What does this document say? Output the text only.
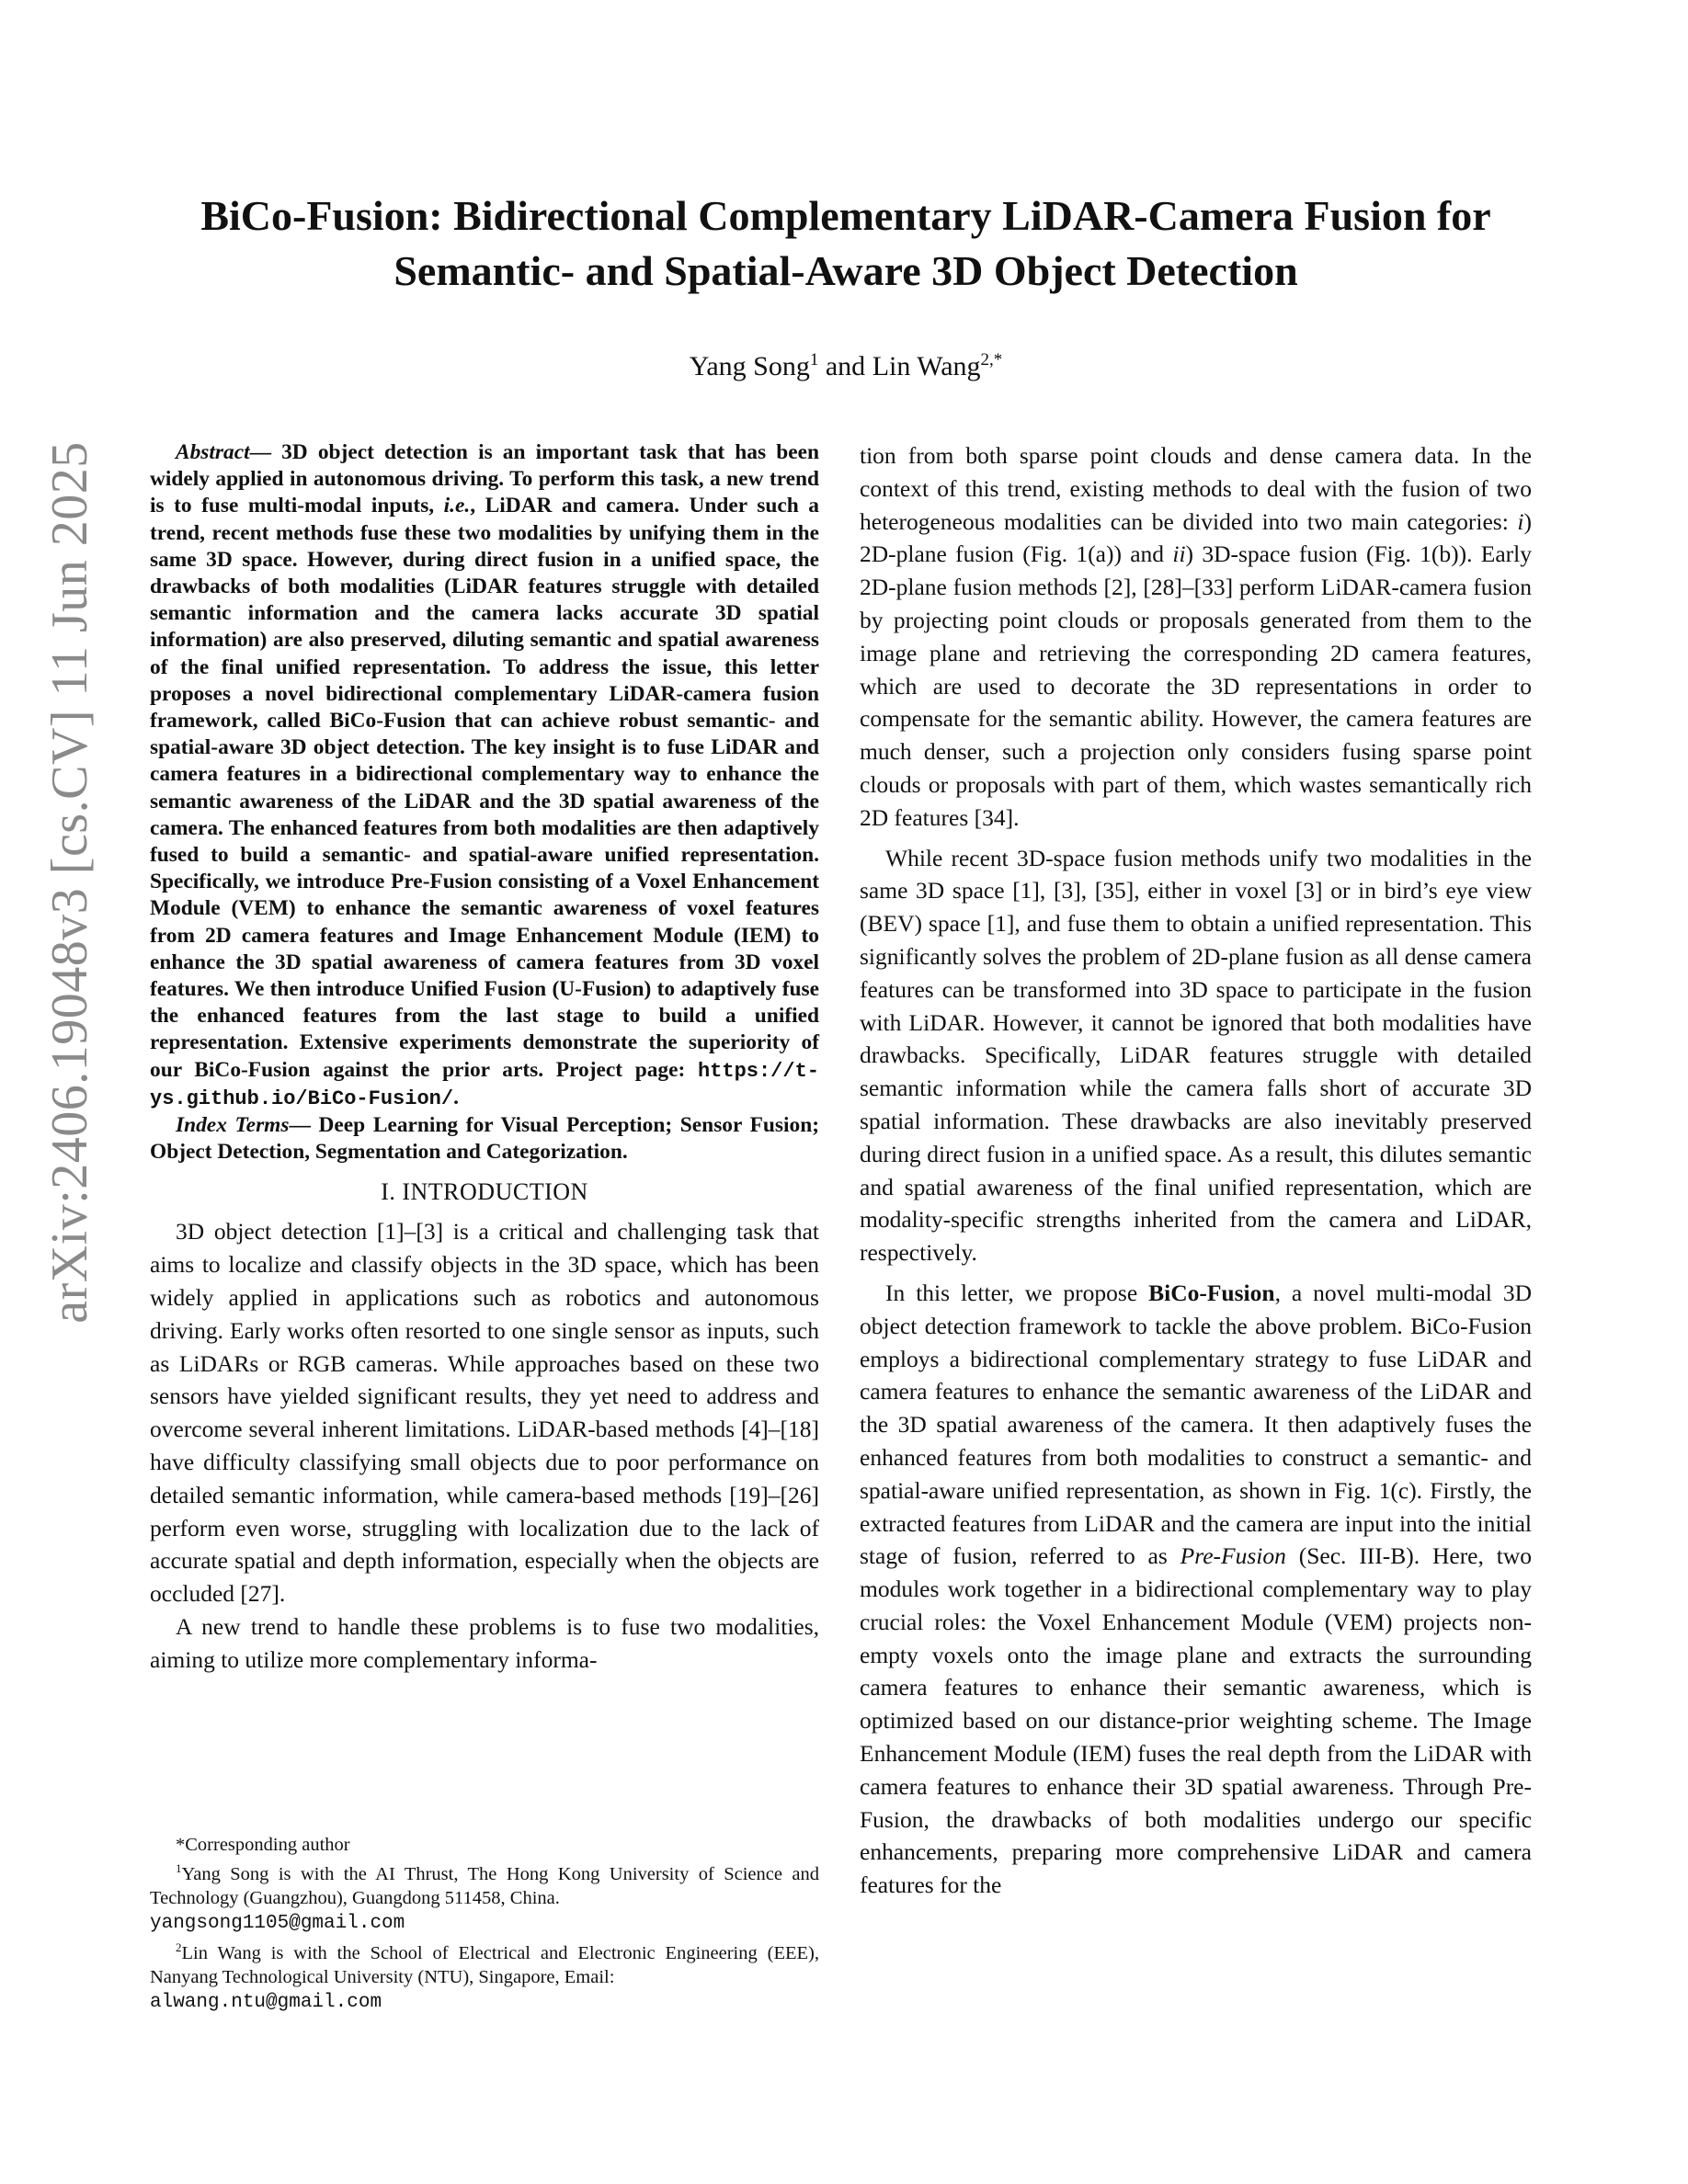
arXiv:2406.19048v3 [cs.CV] 11 Jun 2025
BiCo-Fusion: Bidirectional Complementary LiDAR-Camera Fusion for
Semantic- and Spatial-Aware 3D Object Detection
Yang Song$^1$ and Lin Wang$^{2,*}$

Abstract— 3D object detection is an important task that has been widely applied in autonomous driving. To perform this task, a new trend is to fuse multi-modal inputs, i.e., LiDAR and camera. Under such a trend, recent methods fuse these two modalities by unifying them in the same 3D space. However, during direct fusion in a unified space, the drawbacks of both modalities (LiDAR features struggle with detailed semantic information and the camera lacks accurate 3D spatial information) are also preserved, diluting semantic and spatial awareness of the final unified representation. To address the issue, this letter proposes a novel bidirectional complementary LiDAR-camera fusion framework, called BiCo-Fusion that can achieve robust semantic- and spatial-aware 3D object detection. The key insight is to fuse LiDAR and camera features in a bidirectional complementary way to enhance the semantic awareness of the LiDAR and the 3D spatial awareness of the camera. The enhanced features from both modalities are then adaptively fused to build a semantic- and spatial-aware unified representation. Specifically, we introduce Pre-Fusion consisting of a Voxel Enhancement Module (VEM) to enhance the semantic awareness of voxel features from 2D camera features and Image Enhancement Module (IEM) to enhance the 3D spatial awareness of camera features from 3D voxel features. We then introduce Unified Fusion (U-Fusion) to adaptively fuse the enhanced features from the last stage to build a unified representation. Extensive experiments demonstrate the superiority of our BiCo-Fusion against the prior arts. Project page: https://t-ys.github.io/BiCo-Fusion/.

Index Terms— Deep Learning for Visual Perception; Sensor Fusion; Object Detection, Segmentation and Categorization.

I. INTRODUCTION

3D object detection [1]–[3] is a critical and challenging task that aims to localize and classify objects in the 3D space, which has been widely applied in applications such as robotics and autonomous driving. Early works often resorted to one single sensor as inputs, such as LiDARs or RGB cameras. While approaches based on these two sensors have yielded significant results, they yet need to address and overcome several inherent limitations. LiDAR-based methods [4]–[18] have difficulty classifying small objects due to poor performance on detailed semantic information, while camera-based methods [19]–[26] perform even worse, struggling with localization due to the lack of accurate spatial and depth information, especially when the objects are occluded [27].

A new trend to handle these problems is to fuse two modalities, aiming to utilize more complementary informa-

*Corresponding author

$^1$Yang Song is with the AI Thrust, The Hong Kong University of Science and Technology (Guangzhou), Guangdong 511458, China.
yangsong1105@gmail.com

$^2$Lin Wang is with the School of Electrical and Electronic Engineering (EEE), Nanyang Technological University (NTU), Singapore, Email:
alwang.ntu@gmail.com

tion from both sparse point clouds and dense camera data. In the context of this trend, existing methods to deal with the fusion of two heterogeneous modalities can be divided into two main categories: i) 2D-plane fusion (Fig. 1(a)) and ii) 3D-space fusion (Fig. 1(b)). Early 2D-plane fusion methods [2], [28]–[33] perform LiDAR-camera fusion by projecting point clouds or proposals generated from them to the image plane and retrieving the corresponding 2D camera features, which are used to decorate the 3D representations in order to compensate for the semantic ability. However, the camera features are much denser, such a projection only considers fusing sparse point clouds or proposals with part of them, which wastes semantically rich 2D features [34].

While recent 3D-space fusion methods unify two modalities in the same 3D space [1], [3], [35], either in voxel [3] or in bird’s eye view (BEV) space [1], and fuse them to obtain a unified representation. This significantly solves the problem of 2D-plane fusion as all dense camera features can be transformed into 3D space to participate in the fusion with LiDAR. However, it cannot be ignored that both modalities have drawbacks. Specifically, LiDAR features struggle with detailed semantic information while the camera falls short of accurate 3D spatial information. These drawbacks are also inevitably preserved during direct fusion in a unified space. As a result, this dilutes semantic and spatial awareness of the final unified representation, which are modality-specific strengths inherited from the camera and LiDAR, respectively.

In this letter, we propose BiCo-Fusion, a novel multi-modal 3D object detection framework to tackle the above problem. BiCo-Fusion employs a bidirectional complementary strategy to fuse LiDAR and camera features to enhance the semantic awareness of the LiDAR and the 3D spatial awareness of the camera. It then adaptively fuses the enhanced features from both modalities to construct a semantic- and spatial-aware unified representation, as shown in Fig. 1(c). Firstly, the extracted features from LiDAR and the camera are input into the initial stage of fusion, referred to as Pre-Fusion (Sec. III-B). Here, two modules work together in a bidirectional complementary way to play crucial roles: the Voxel Enhancement Module (VEM) projects non-empty voxels onto the image plane and extracts the surrounding camera features to enhance their semantic awareness, which is optimized based on our distance-prior weighting scheme. The Image Enhancement Module (IEM) fuses the real depth from the LiDAR with camera features to enhance their 3D spatial awareness. Through Pre-Fusion, the drawbacks of both modalities undergo our specific enhancements, preparing more comprehensive LiDAR and camera features for the
